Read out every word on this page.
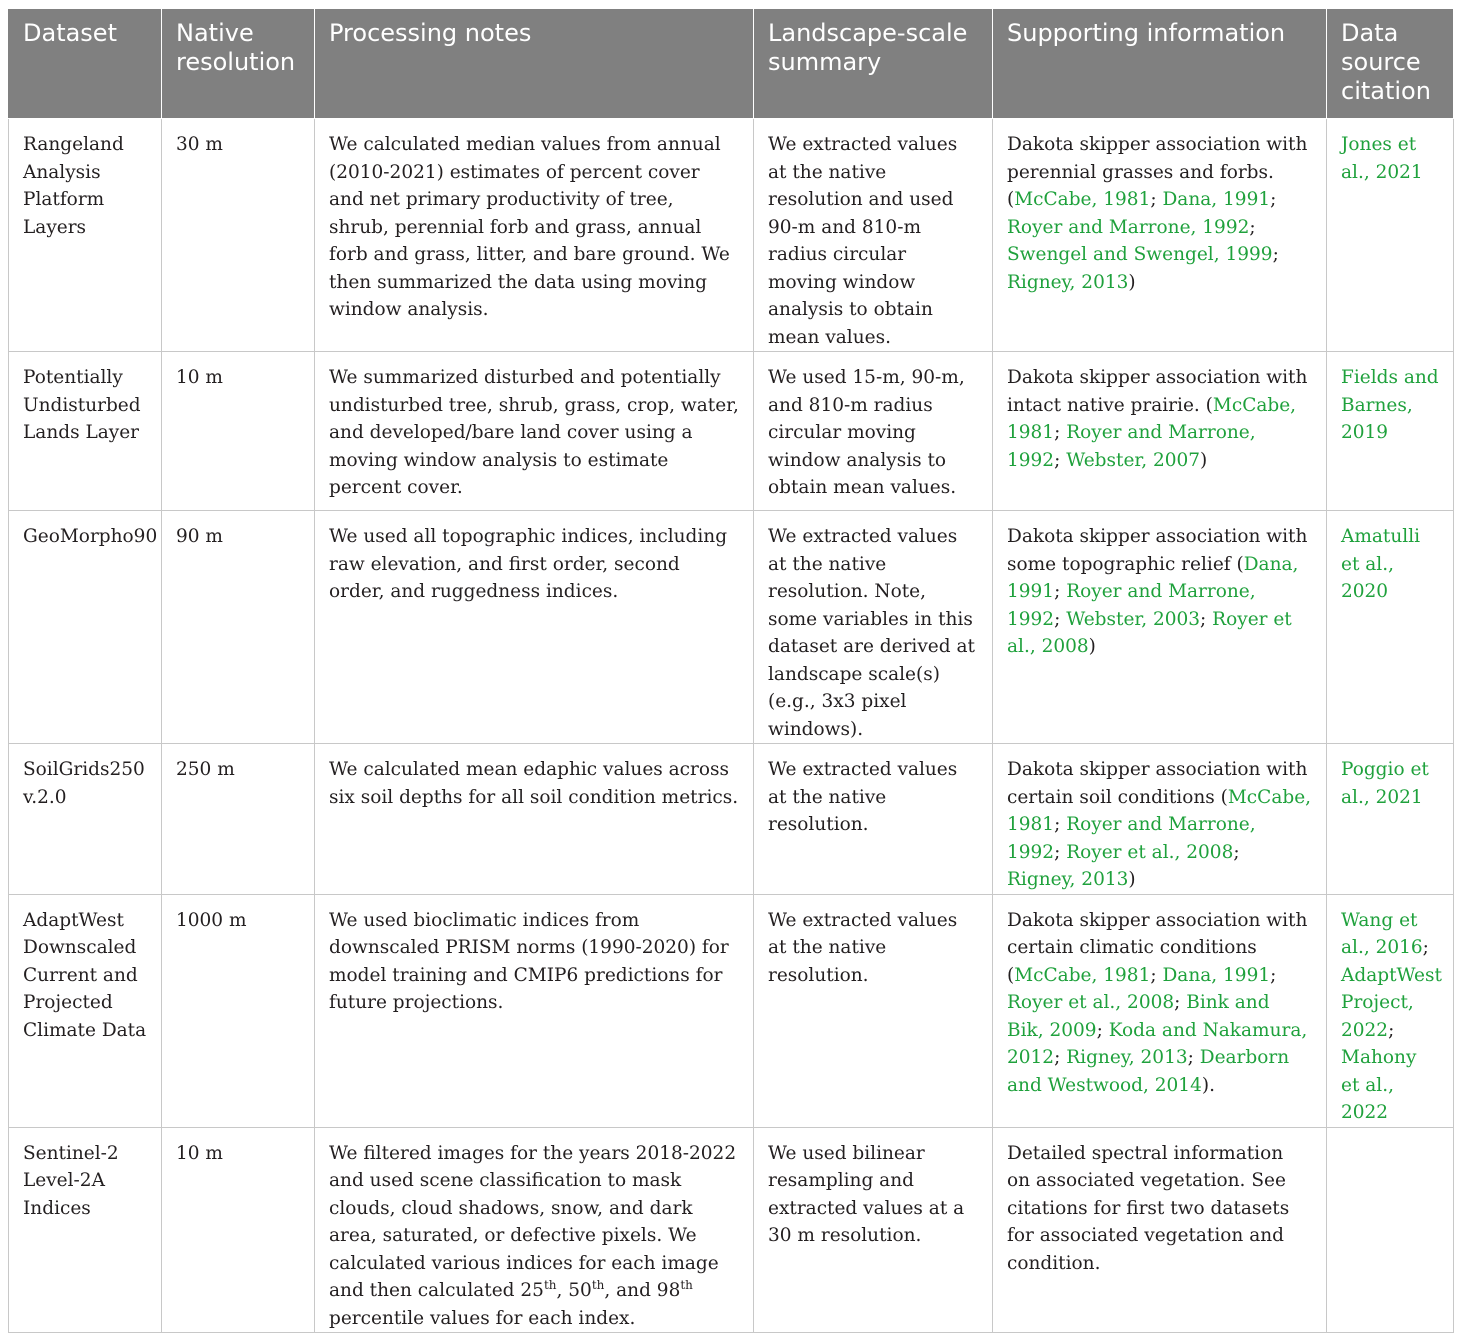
Dataset	Native resolution	Processing notes	Landscape-scale summary	Supporting information	Data source citation
Rangeland Analysis Platform Layers	30 m	We calculated median values from annual (2010-2021) estimates of percent cover and net primary productivity of tree, shrub, perennial forb and grass, annual forb and grass, litter, and bare ground. We then summarized the data using moving window analysis.	We extracted values at the native resolution and used 90-m and 810-m radius circular moving window analysis to obtain mean values.	Dakota skipper association with perennial grasses and forbs. (McCabe, 1981; Dana, 1991; Royer and Marrone, 1992; Swengel and Swengel, 1999; Rigney, 2013)	Jones et al., 2021
Potentially Undisturbed Lands Layer	10 m	We summarized disturbed and potentially undisturbed tree, shrub, grass, crop, water, and developed/bare land cover using a moving window analysis to estimate percent cover.	We used 15-m, 90-m, and 810-m radius circular moving window analysis to obtain mean values.	Dakota skipper association with intact native prairie. (McCabe, 1981; Royer and Marrone, 1992; Webster, 2007)	Fields and Barnes, 2019
GeoMorpho90	90 m	We used all topographic indices, including raw elevation, and first order, second order, and ruggedness indices.	We extracted values at the native resolution. Note, some variables in this dataset are derived at landscape scale(s) (e.g., 3x3 pixel windows).	Dakota skipper association with some topographic relief (Dana, 1991; Royer and Marrone, 1992; Webster, 2003; Royer et al., 2008)	Amatulli et al., 2020
SoilGrids250 v.2.0	250 m	We calculated mean edaphic values across six soil depths for all soil condition metrics.	We extracted values at the native resolution.	Dakota skipper association with certain soil conditions (McCabe, 1981; Royer and Marrone, 1992; Royer et al., 2008; Rigney, 2013)	Poggio et al., 2021
AdaptWest Downscaled Current and Projected Climate Data	1000 m	We used bioclimatic indices from downscaled PRISM norms (1990-2020) for model training and CMIP6 predictions for future projections.	We extracted values at the native resolution.	Dakota skipper association with certain climatic conditions (McCabe, 1981; Dana, 1991; Royer et al., 2008; Bink and Bik, 2009; Koda and Nakamura, 2012; Rigney, 2013; Dearborn and Westwood, 2014).	Wang et al., 2016; AdaptWest Project, 2022; Mahony et al., 2022
Sentinel-2 Level-2A Indices	10 m	We filtered images for the years 2018-2022 and used scene classification to mask clouds, cloud shadows, snow, and dark area, saturated, or defective pixels. We calculated various indices for each image and then calculated 25th, 50th, and 98th percentile values for each index.	We used bilinear resampling and extracted values at a 30 m resolution.	Detailed spectral information on associated vegetation. See citations for first two datasets for associated vegetation and condition.	
